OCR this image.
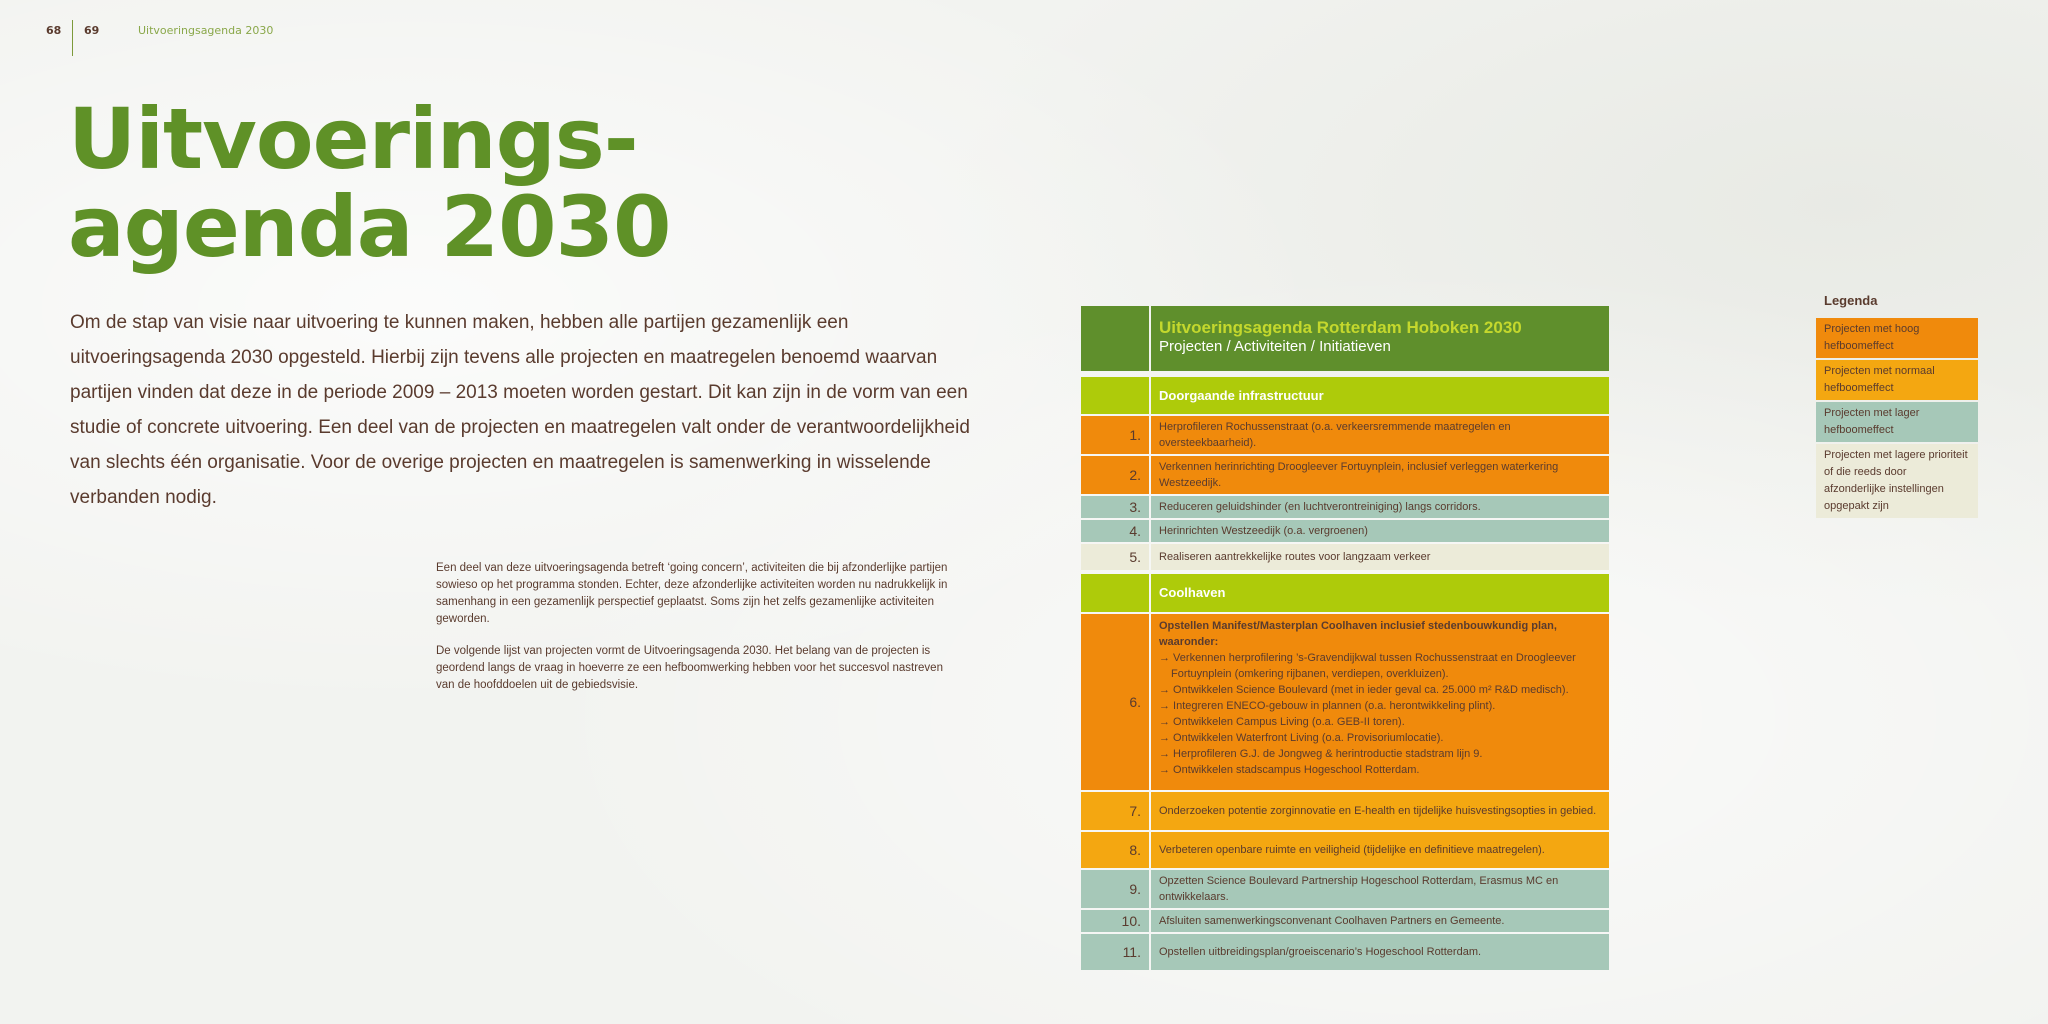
68 69	Uitvoeringsagenda 2030
Uitvoerings-
agenda 2030
Om de stap van visie naar uitvoering te kunnen maken, hebben alle partijen gezamenlijk een uitvoeringsagenda 2030 opgesteld. Hierbij zijn tevens alle projecten en maatregelen benoemd waarvan partijen vinden dat deze in de periode 2009 – 2013 moeten worden gestart. Dit kan zijn in de vorm van een studie of concrete uitvoering. Een deel van de projecten en maatregelen valt onder de verantwoordelijkheid van slechts één organisatie. Voor de overige projecten en maatregelen is samenwerking in wisselende verbanden nodig.

Een deel van deze uitvoeringsagenda betreft ‘going concern’, activiteiten die bij afzonderlijke partijen sowieso op het programma stonden. Echter, deze afzonderlijke activiteiten worden nu nadrukkelijk in samenhang in een gezamenlijk perspectief geplaatst. Soms zijn het zelfs gezamenlijke activiteiten geworden.

De volgende lijst van projecten vormt de Uitvoeringsagenda 2030. Het belang van de projecten is geordend langs de vraag in hoeverre ze een hefboomwerking hebben voor het succesvol nastreven van de hoofddoelen uit de gebiedsvisie.

Uitvoeringsagenda Rotterdam Hoboken 2030
Projecten / Activiteiten / Initiatieven
Doorgaande infrastructuur
1.	Herprofileren Rochussenstraat (o.a. verkeersremmende maatregelen en oversteekbaarheid).
2.	Verkennen herinrichting Droogleever Fortuynplein, inclusief verleggen waterkering Westzeedijk.
3.	Reduceren geluidshinder (en luchtverontreiniging) langs corridors.
4.	Herinrichten Westzeedijk (o.a. vergroenen)
5.	Realiseren aantrekkelijke routes voor langzaam verkeer
Coolhaven
6.
Opstellen Manifest/Masterplan Coolhaven inclusief stedenbouwkundig plan, waaronder:
→ Verkennen herprofilering ’s-Gravendijkwal tussen Rochussenstraat en Droogleever Fortuynplein (omkering rijbanen, verdiepen, overkluizen).
→ Ontwikkelen Science Boulevard (met in ieder geval ca. 25.000 m² R&D medisch).
→ Integreren ENECO-gebouw in plannen (o.a. herontwikkeling plint).
→ Ontwikkelen Campus Living (o.a. GEB-II toren).
→ Ontwikkelen Waterfront Living (o.a. Provisoriumlocatie).
→ Herprofileren G.J. de Jongweg & herintroductie stadstram lijn 9.
→ Ontwikkelen stadscampus Hogeschool Rotterdam.
7.	Onderzoeken potentie zorginnovatie en E-health en tijdelijke huisvestingsopties in gebied.
8.	Verbeteren openbare ruimte en veiligheid (tijdelijke en definitieve maatregelen).
9.	Opzetten Science Boulevard Partnership Hogeschool Rotterdam, Erasmus MC en ontwikkelaars.
10.	Afsluiten samenwerkingsconvenant Coolhaven Partners en Gemeente.
11.	Opstellen uitbreidingsplan/groeiscenario’s Hogeschool Rotterdam.
Legenda
Projecten met hoog hefboomeffect
Projecten met normaal hefboomeffect
Projecten met lager hefboomeffect
Projecten met lagere prioriteit of die reeds door afzonderlijke instellingen opgepakt zijn
